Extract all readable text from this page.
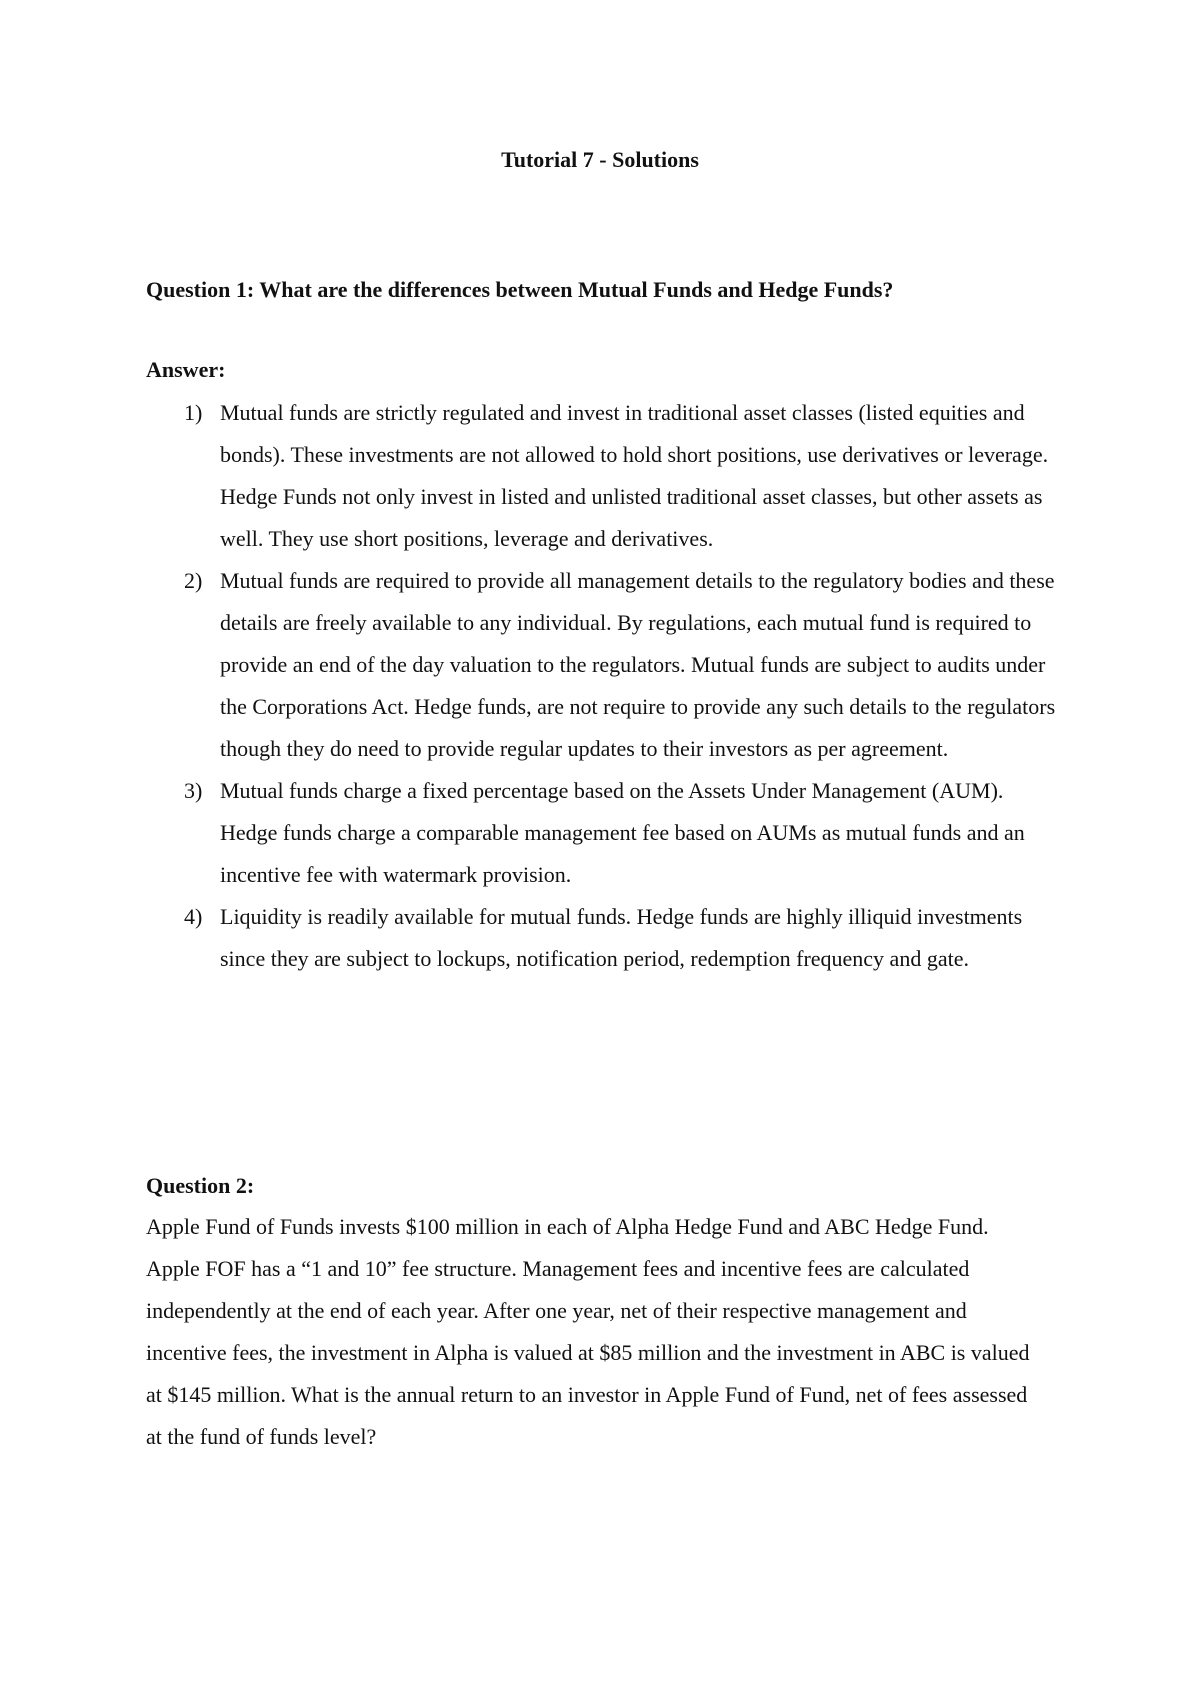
Tutorial 7 - Solutions
Question 1: What are the differences between Mutual Funds and Hedge Funds?
Answer:
1) Mutual funds are strictly regulated and invest in traditional asset classes (listed equities and bonds). These investments are not allowed to hold short positions, use derivatives or leverage. Hedge Funds not only invest in listed and unlisted traditional asset classes, but other assets as well. They use short positions, leverage and derivatives.
2) Mutual funds are required to provide all management details to the regulatory bodies and these details are freely available to any individual. By regulations, each mutual fund is required to provide an end of the day valuation to the regulators. Mutual funds are subject to audits under the Corporations Act. Hedge funds, are not require to provide any such details to the regulators though they do need to provide regular updates to their investors as per agreement.
3) Mutual funds charge a fixed percentage based on the Assets Under Management (AUM). Hedge funds charge a comparable management fee based on AUMs as mutual funds and an incentive fee with watermark provision.
4) Liquidity is readily available for mutual funds. Hedge funds are highly illiquid investments since they are subject to lockups, notification period, redemption frequency and gate.
Question 2:

Apple Fund of Funds invests $100 million in each of Alpha Hedge Fund and ABC Hedge Fund. Apple FOF has a “1 and 10” fee structure. Management fees and incentive fees are calculated independently at the end of each year. After one year, net of their respective management and incentive fees, the investment in Alpha is valued at $85 million and the investment in ABC is valued at $145 million. What is the annual return to an investor in Apple Fund of Fund, net of fees assessed at the fund of funds level?
